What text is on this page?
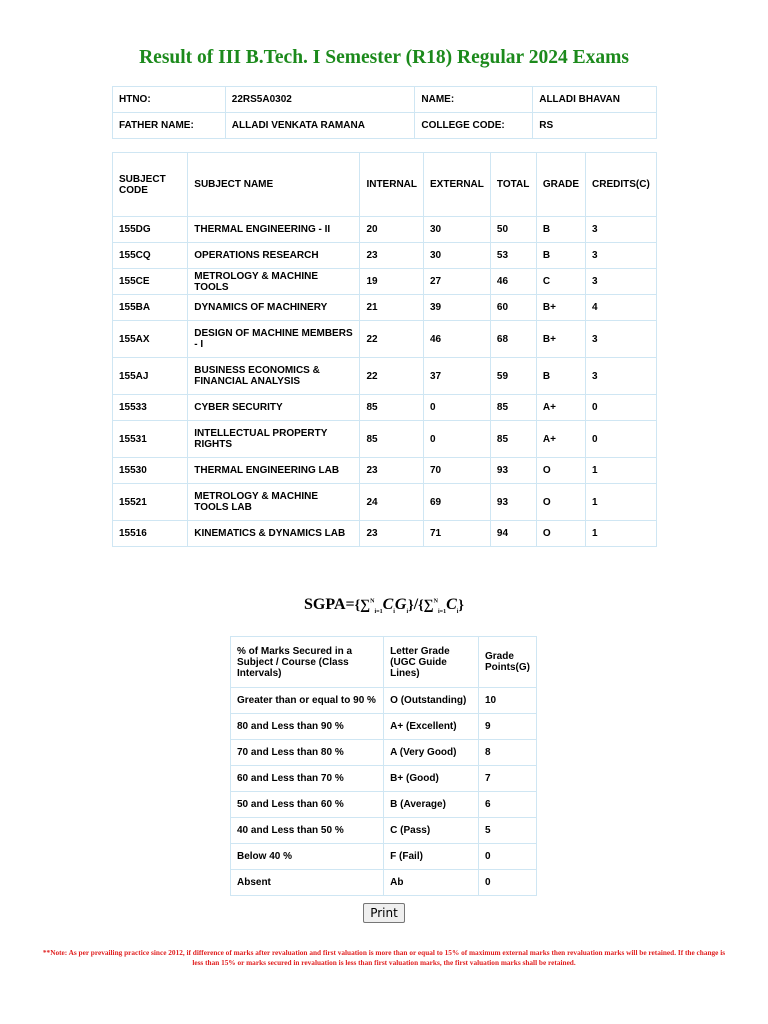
Result of III B.Tech. I Semester (R18) Regular 2024 Exams
HTNO:	22RS5A0302	NAME:	ALLADI BHAVAN
FATHER NAME:	ALLADI VENKATA RAMANA	COLLEGE CODE:	RS
SUBJECT CODE	SUBJECT NAME	INTERNAL	EXTERNAL	TOTAL	GRADE	CREDITS(C)
155DG	THERMAL ENGINEERING - II	20	30	50	B	3
155CQ	OPERATIONS RESEARCH	23	30	53	B	3
155CE	METROLOGY & MACHINE TOOLS	19	27	46	C	3
155BA	DYNAMICS OF MACHINERY	21	39	60	B+	4
155AX	DESIGN OF MACHINE MEMBERS - I	22	46	68	B+	3
155AJ	BUSINESS ECONOMICS & FINANCIAL ANALYSIS	22	37	59	B	3
15533	CYBER SECURITY	85	0	85	A+	0
15531	INTELLECTUAL PROPERTY RIGHTS	85	0	85	A+	0
15530	THERMAL ENGINEERING LAB	23	70	93	O	1
15521	METROLOGY & MACHINE TOOLS LAB	24	69	93	O	1
15516	KINEMATICS & DYNAMICS LAB	23	71	94	O	1
$SGPA=\{\sum^N_{i=1}C_iG_i\}/\{\sum^N_{i=1}C_i\}$
% of Marks Secured in a Subject / Course (Class Intervals)	Letter Grade (UGC Guide Lines)	Grade Points(G)
Greater than or equal to 90 %	O (Outstanding)	10
80 and Less than 90 %	A+ (Excellent)	9
70 and Less than 80 %	A (Very Good)	8
60 and Less than 70 %	B+ (Good)	7
50 and Less than 60 %	B (Average)	6
40 and Less than 50 %	C (Pass)	5
Below 40 %	F (Fail)	0
Absent	Ab	0
Print
**Note: As per prevailing practice since 2012, if difference of marks after revaluation and first valuation is more than or equal to 15% of maximum external marks then revaluation marks will be retained. If the change is less than 15% or marks secured in revaluation is less than first valuation marks, the first valuation marks shall be retained.
